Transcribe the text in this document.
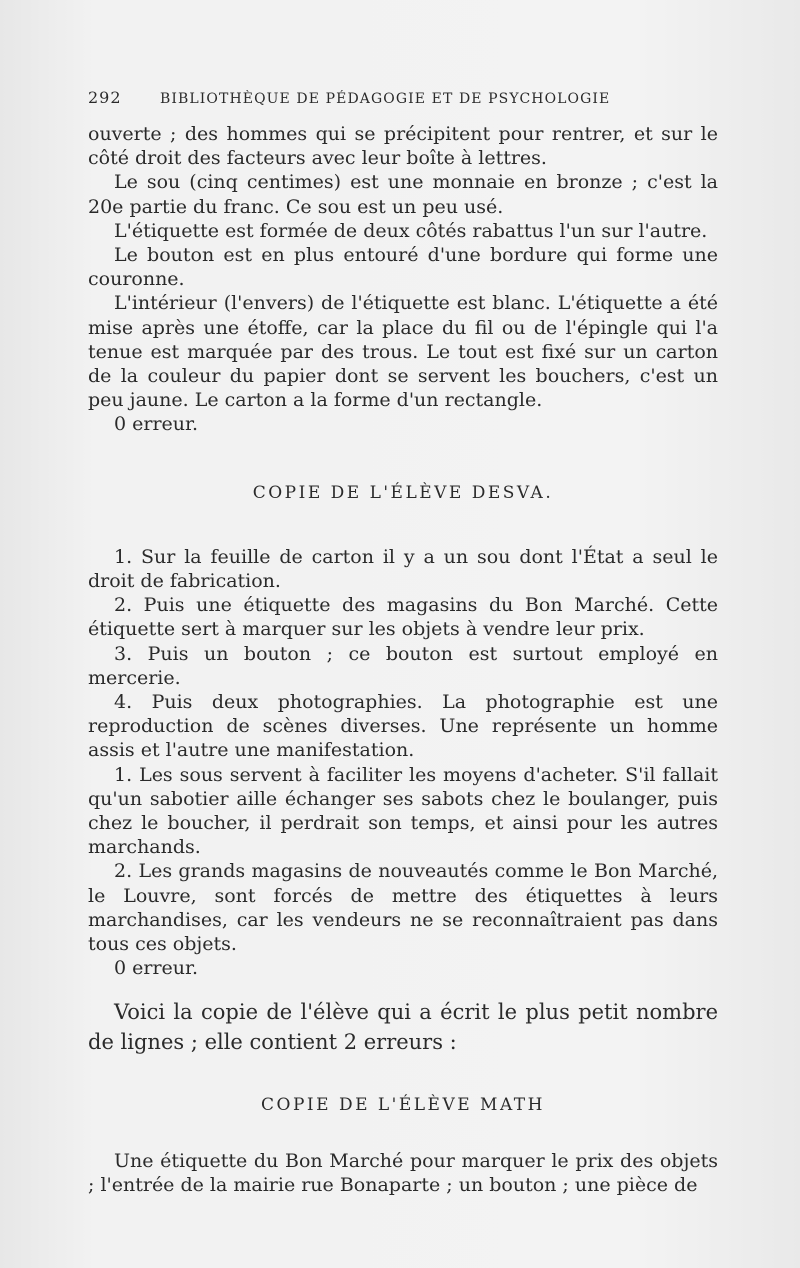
292	BIBLIOTHÈQUE DE PÉDAGOGIE ET DE PSYCHOLOGIE

ouverte ; des hommes qui se précipitent pour rentrer, et sur le côté droit des facteurs avec leur boîte à lettres.

Le sou (cinq centimes) est une monnaie en bronze ; c'est la 20e partie du franc. Ce sou est un peu usé.

L'étiquette est formée de deux côtés rabattus l'un sur l'autre.

Le bouton est en plus entouré d'une bordure qui forme une couronne.

L'intérieur (l'envers) de l'étiquette est blanc. L'étiquette a été mise après une étoffe, car la place du fil ou de l'épingle qui l'a tenue est marquée par des trous. Le tout est fixé sur un carton de la couleur du papier dont se servent les bouchers, c'est un peu jaune. Le carton a la forme d'un rectangle.

0 erreur.

COPIE DE L'ÉLÈVE DESVA.

1. Sur la feuille de carton il y a un sou dont l'État a seul le droit de fabrication.

2. Puis une étiquette des magasins du Bon Marché. Cette étiquette sert à marquer sur les objets à vendre leur prix.

3. Puis un bouton ; ce bouton est surtout employé en mercerie.

4. Puis deux photographies. La photographie est une reproduction de scènes diverses. Une représente un homme assis et l'autre une manifestation.

1. Les sous servent à faciliter les moyens d'acheter. S'il fallait qu'un sabotier aille échanger ses sabots chez le boulanger, puis chez le boucher, il perdrait son temps, et ainsi pour les autres marchands.

2. Les grands magasins de nouveautés comme le Bon Marché, le Louvre, sont forcés de mettre des étiquettes à leurs marchandises, car les vendeurs ne se reconnaîtraient pas dans tous ces objets.

0 erreur.

Voici la copie de l'élève qui a écrit le plus petit nombre de lignes ; elle contient 2 erreurs :

COPIE DE L'ÉLÈVE MATH

Une étiquette du Bon Marché pour marquer le prix des objets ; l'entrée de la mairie rue Bonaparte ; un bouton ; une pièce de
